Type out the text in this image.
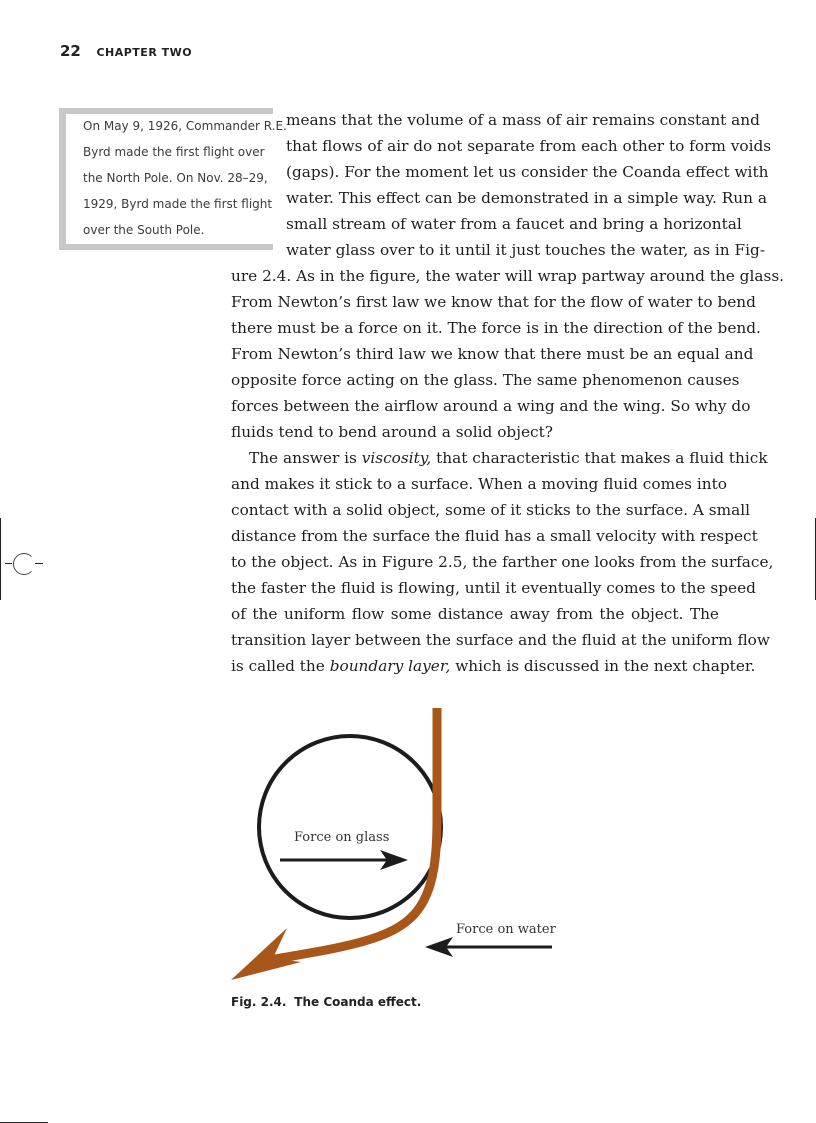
22 CHAPTER TWO
On May 9, 1926, Commander R.E.
Byrd made the first flight over
the North Pole. On Nov. 28–29,
1929, Byrd made the first flight
over the South Pole.
means that the volume of a mass of air remains constant and
that flows of air do not separate from each other to form voids
(gaps). For the moment let us consider the Coanda effect with
water. This effect can be demonstrated in a simple way. Run a
small stream of water from a faucet and bring a horizontal
water glass over to it until it just touches the water, as in Fig-
ure 2.4. As in the figure, the water will wrap partway around the glass.
From Newton’s first law we know that for the flow of water to bend
there must be a force on it. The force is in the direction of the bend.
From Newton’s third law we know that there must be an equal and
opposite force acting on the glass. The same phenomenon causes
forces between the airflow around a wing and the wing. So why do
fluids tend to bend around a solid object?
The answer is viscosity, that characteristic that makes a fluid thick
and makes it stick to a surface. When a moving fluid comes into
contact with a solid object, some of it sticks to the surface. A small
distance from the surface the fluid has a small velocity with respect
to the object. As in Figure 2.5, the farther one looks from the surface,
the faster the fluid is flowing, until it eventually comes to the speed
of the uniform flow some distance away from the object. The
transition layer between the surface and the fluid at the uniform flow
is called the boundary layer, which is discussed in the next chapter.
Force on glass
Force on water
Fig. 2.4. The Coanda effect.
